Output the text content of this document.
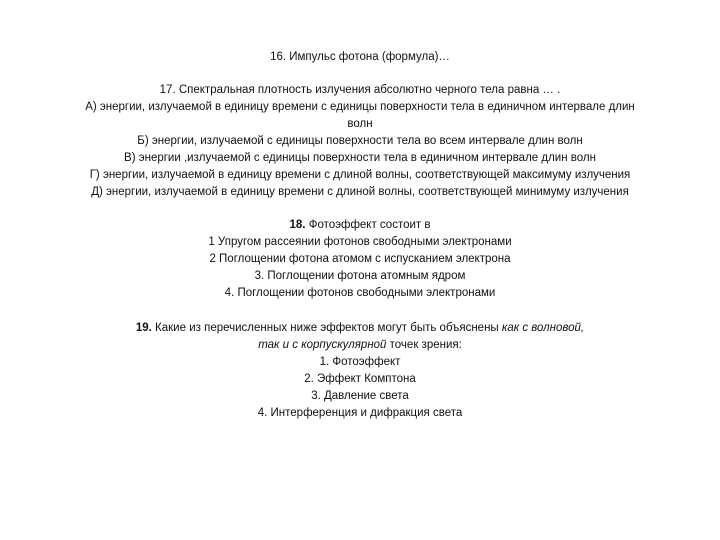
16. Импульс фотона (формула)…
17. Спектральная плотность излучения абсолютно черного тела равна … .
А) энергии, излучаемой в единицу времени с единицы поверхности тела в единичном интервале длин
волн
Б) энергии, излучаемой с единицы поверхности тела во всем интервале длин волн
В) энергии ,излучаемой с единицы поверхности тела в единичном интервале длин волн
Г) энергии, излучаемой в единицу времени с длиной волны, соответствующей максимуму излучения
Д) энергии, излучаемой в единицу времени с длиной волны, соответствующей минимуму излучения
18. Фотоэффект состоит в
1 Упругом рассеянии фотонов свободными электронами
2 Поглощении фотона атомом с испусканием электрона
3. Поглощении фотона атомным ядром
4. Поглощении фотонов свободными электронами
19. Какие из перечисленных ниже эффектов могут быть объяснены как с волновой,
так и с корпускулярной точек зрения:
1. Фотоэффект
2. Эффект Комптона
3. Давление света
4. Интерференция и дифракция света
